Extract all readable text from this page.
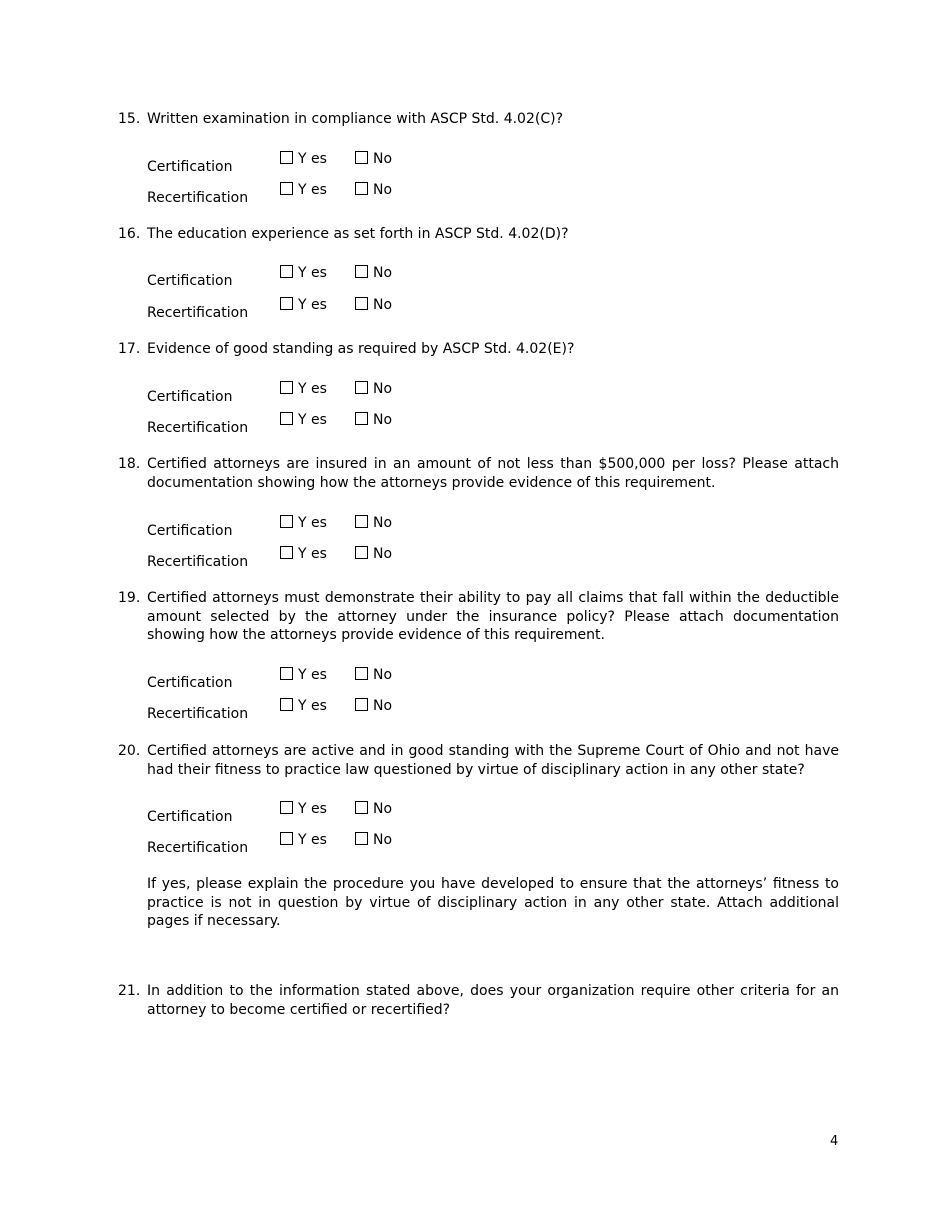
15. Written examination in compliance with ASCP Std. 4.02(C)?
Certification	Y es	No
Recertification	Y es	No
16. The education experience as set forth in ASCP Std. 4.02(D)?
Certification	Y es	No
Recertification	Y es	No
17. Evidence of good standing as required by ASCP Std. 4.02(E)?
Certification	Y es	No
Recertification	Y es	No
18. Certified attorneys are insured in an amount of not less than $500,000 per loss? Please attach documentation showing how the attorneys provide evidence of this requirement.
Certification	Y es	No
Recertification	Y es	No
19. Certified attorneys must demonstrate their ability to pay all claims that fall within the deductible amount selected by the attorney under the insurance policy? Please attach documentation showing how the attorneys provide evidence of this requirement.
Certification	Y es	No
Recertification	Y es	No
20. Certified attorneys are active and in good standing with the Supreme Court of Ohio and not have had their fitness to practice law questioned by virtue of disciplinary action in any other state?
Certification	Y es	No
Recertification	Y es	No
If yes, please explain the procedure you have developed to ensure that the attorneys’ fitness to practice is not in question by virtue of disciplinary action in any other state. Attach additional pages if necessary.
21. In addition to the information stated above, does your organization require other criteria for an attorney to become certified or recertified?
4
